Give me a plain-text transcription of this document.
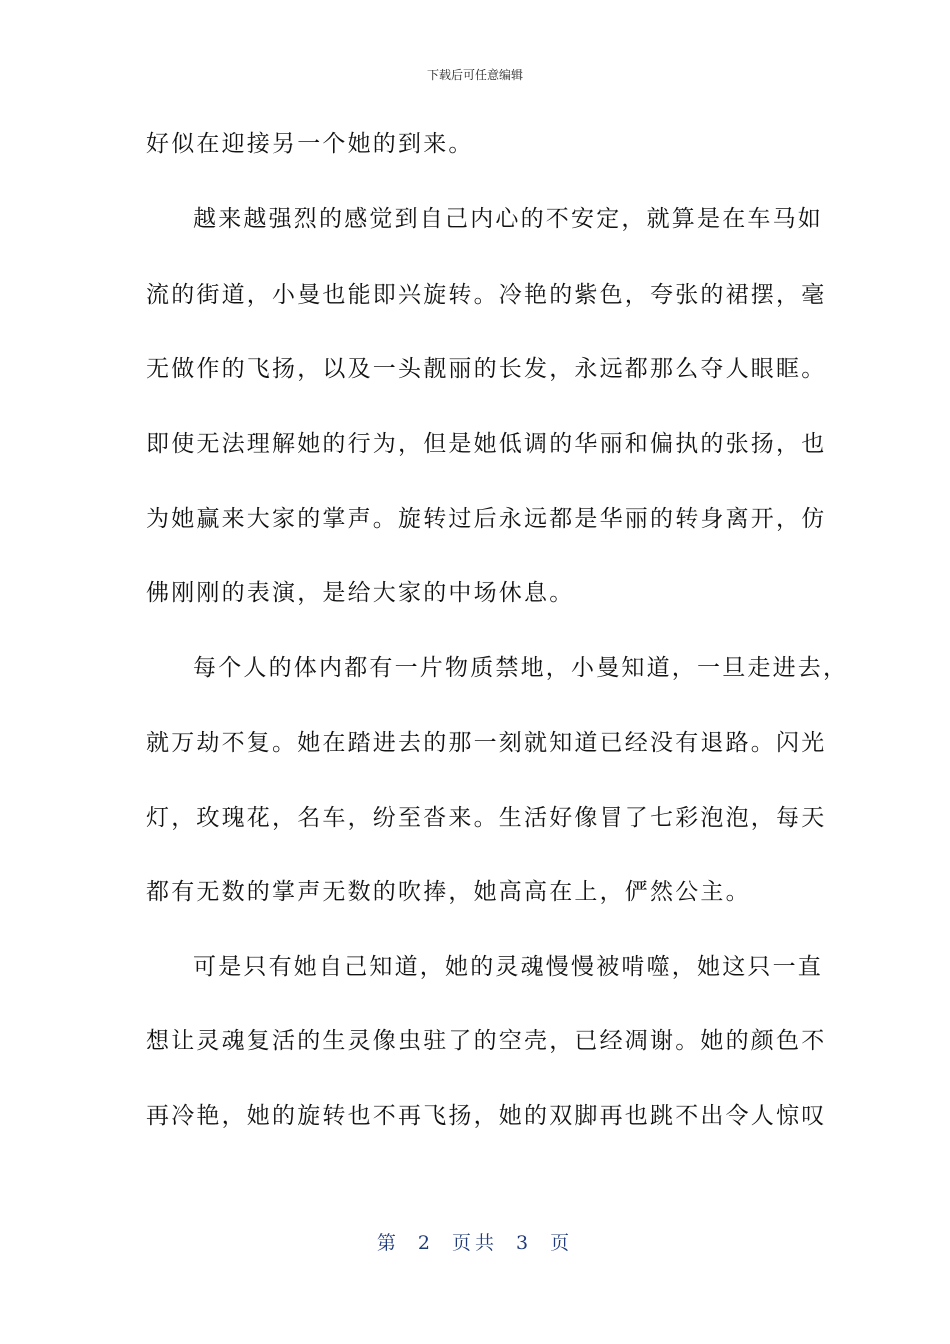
下载后可任意编辑
好似在迎接另一个她的到来。
越来越强烈的感觉到自己内心的不安定，就算是在车马如
流的街道，小曼也能即兴旋转。冷艳的紫色，夸张的裙摆，毫
无做作的飞扬，以及一头靓丽的长发，永远都那么夺人眼眶。
即使无法理解她的行为，但是她低调的华丽和偏执的张扬，也
为她赢来大家的掌声。旋转过后永远都是华丽的转身离开，仿
佛刚刚的表演，是给大家的中场休息。
每个人的体内都有一片物质禁地，小曼知道，一旦走进去，
就万劫不复。她在踏进去的那一刻就知道已经没有退路。闪光
灯，玫瑰花，名车，纷至沓来。生活好像冒了七彩泡泡，每天
都有无数的掌声无数的吹捧，她高高在上，俨然公主。
可是只有她自己知道，她的灵魂慢慢被啃噬，她这只一直
想让灵魂复活的生灵像虫驻了的空壳，已经凋谢。她的颜色不
再冷艳，她的旋转也不再飞扬，她的双脚再也跳不出令人惊叹
第 2 页共 3 页
